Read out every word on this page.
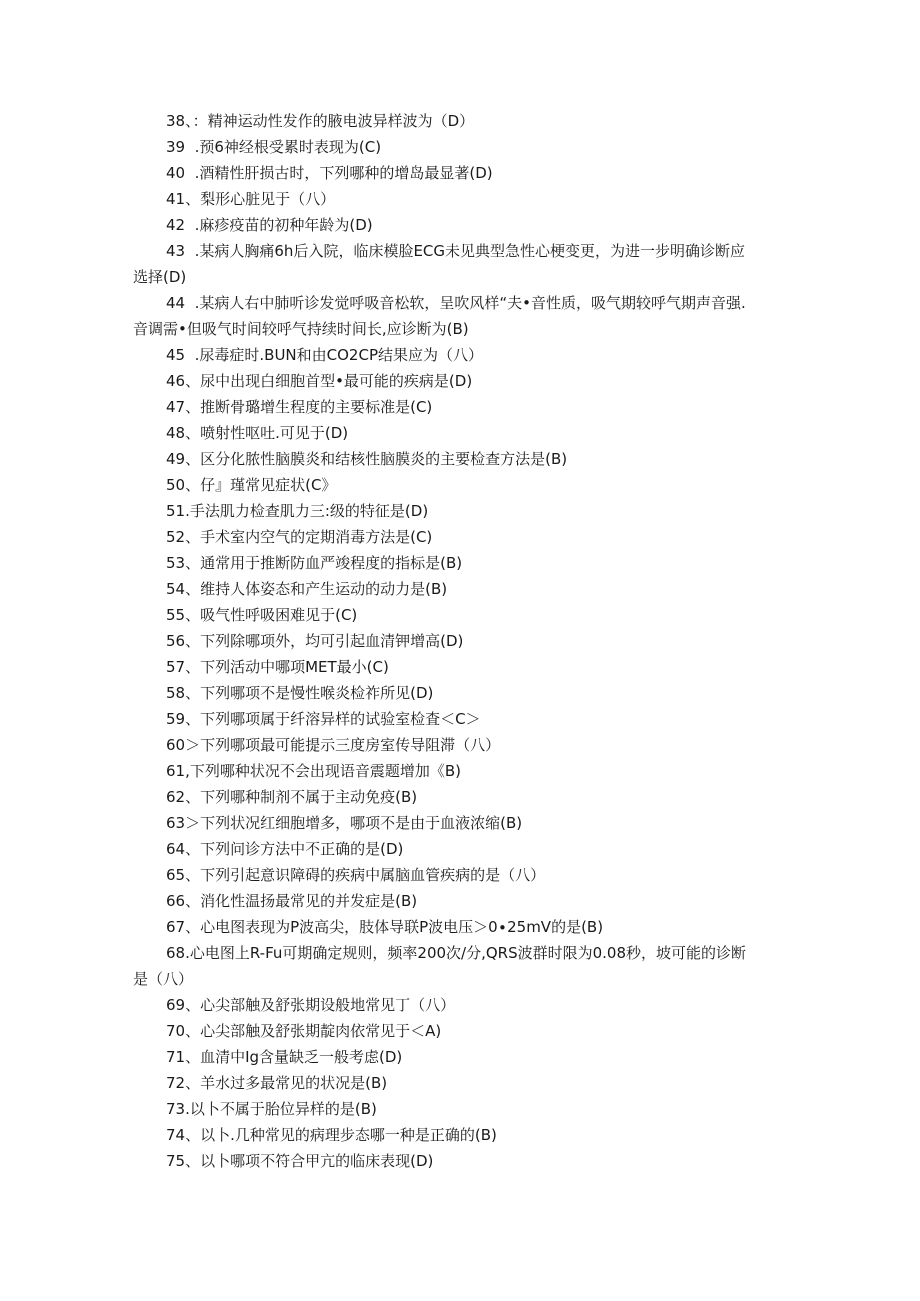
38、：精神运动性发作的腋电波异样波为（D）
39  .预6神经根受累时表现为(C)
40  .酒精性肝损古时，下列哪种的增岛最显著(D)
41、梨形心脏见于（八）
42  .麻疹疫苗的初种年龄为(D)
43  .某病人胸痛6h后入院，临床模脸ECG未见典型急性心梗变更，为进一步明确诊断应
选择(D)
44  .某病人右中肺听诊发觉呼吸音松软，呈吹风样“夫•音性质，吸气期较呼气期声音强.
音调需•但吸气时间较呼气持续时间长,应诊断为(B)
45  .尿毒症时.BUN和由CO2CP结果应为（八）
46、尿中出现白细胞首型•最可能的疾病是(D)
47、推断骨璐增生程度的主要标准是(C)
48、喷射性呕吐.可见于(D)
49、区分化脓性脑膜炎和结核性脑膜炎的主要检查方法是(B)
50、仔』瑾常见症状(C》
51.手法肌力检查肌力三:级的特征是(D)
52、手术室内空气的定期消毒方法是(C)
53、通常用于推断防血严竣程度的指标是(B)
54、维持人体姿态和产生运动的动力是(B)
55、吸气性呼吸困难见于(C)
56、下列除哪项外，均可引起血清钾增高(D)
57、下列活动中哪项MET最小(C)
58、下列哪项不是慢性喉炎检祚所见(D)
59、下列哪项属于纤溶异样的试验室检査＜C＞
60＞下列哪项最可能提示三度房室传导阻滞（八）
61,下列哪种状况不会出现语音震题增加《B)
62、下列哪种制剂不属于主动免疫(B)
63＞下列状况红细胞增多，哪项不是由于血液浓缩(B)
64、下列问诊方法中不正确的是(D)
65、下列引起意识障碍的疾病中属脑血管疾病的是（八）
66、消化性温扬最常见的并发症是(B)
67、心电图表现为P波高尖，肢体导联P波电压＞0∙25mV的是(B)
68.心电图上R-Fu可期确定规则，频率200次/分,QRS波群时限为0.08秒，坡可能的诊断
是（八）
69、心尖部触及舒张期设般地常见丁（八）
70、心尖部触及舒张期靛肉依常见于＜A)
71、血清中Ig含量缺乏一般考虑(D)
72、羊水过多最常见的状况是(B)
73.以卜不属于胎位异样的是(B)
74、以卜.几种常见的病理步态哪一种是正确的(B)
75、以卜哪项不符合甲亢的临床表现(D)
